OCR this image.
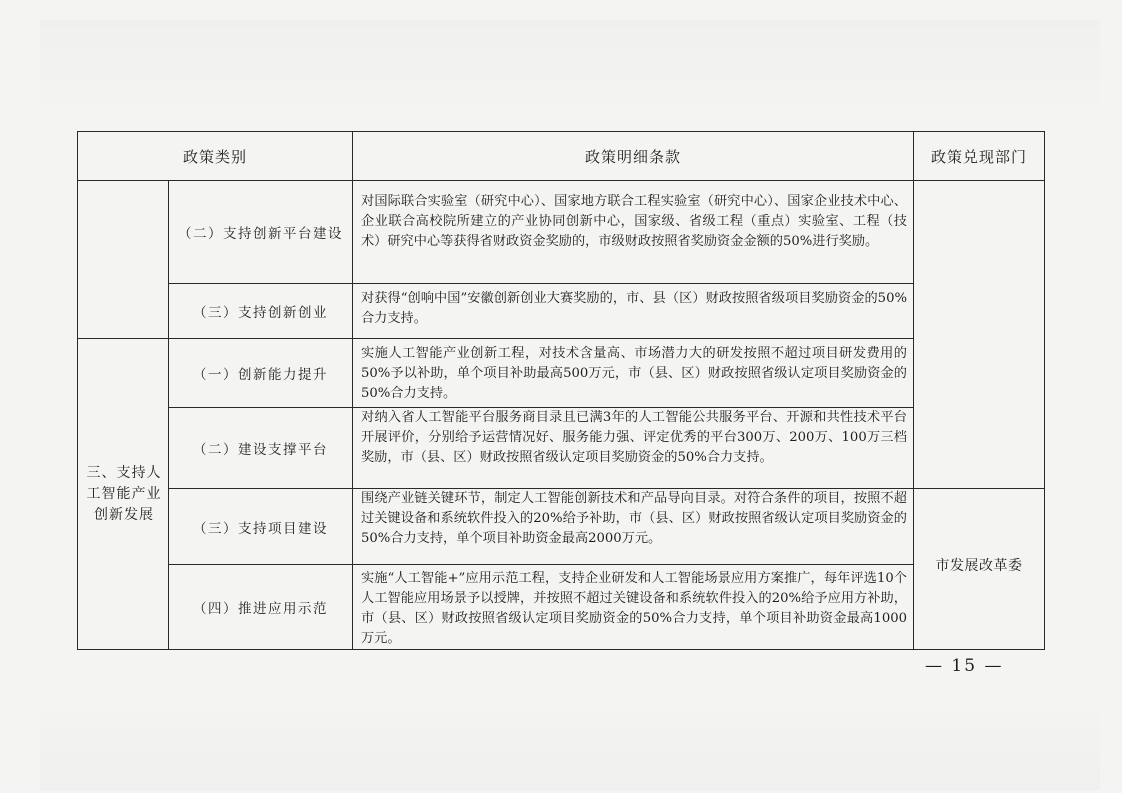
政策类别	政策明细条款	政策兑现部门
三、支持人工智能产业创新发展
（二）支持创新平台建设
（三）支持创新创业
（一）创新能力提升
（二）建设支撑平台
（三）支持项目建设
（四）推进应用示范
对国际联合实验室（研究中心）、国家地方联合工程实验室（研究中心）、国家企业技术中心、企业联合高校院所建立的产业协同创新中心，国家级、省级工程（重点）实验室、工程（技术）研究中心等获得省财政资金奖励的，市级财政按照省奖励资金金额的50%进行奖励。
对获得“创响中国”安徽创新创业大赛奖励的，市、县（区）财政按照省级项目奖励资金的50%合力支持。
实施人工智能产业创新工程，对技术含量高、市场潜力大的研发按照不超过项目研发费用的50%予以补助，单个项目补助最高500万元，市（县、区）财政按照省级认定项目奖励资金的50%合力支持。
对纳入省人工智能平台服务商目录且已满3年的人工智能公共服务平台、开源和共性技术平台开展评价，分别给予运营情况好、服务能力强、评定优秀的平台300万、200万、100万三档奖励，市（县、区）财政按照省级认定项目奖励资金的50%合力支持。
围绕产业链关键环节，制定人工智能创新技术和产品导向目录。对符合条件的项目，按照不超过关键设备和系统软件投入的20%给予补助，市（县、区）财政按照省级认定项目奖励资金的50%合力支持，单个项目补助资金最高2000万元。
实施“人工智能+”应用示范工程，支持企业研发和人工智能场景应用方案推广，每年评选10个人工智能应用场景予以授牌，并按照不超过关键设备和系统软件投入的20%给予应用方补助，市（县、区）财政按照省级认定项目奖励资金的50%合力支持，单个项目补助资金最高1000万元。
市发展改革委
— 15 —
